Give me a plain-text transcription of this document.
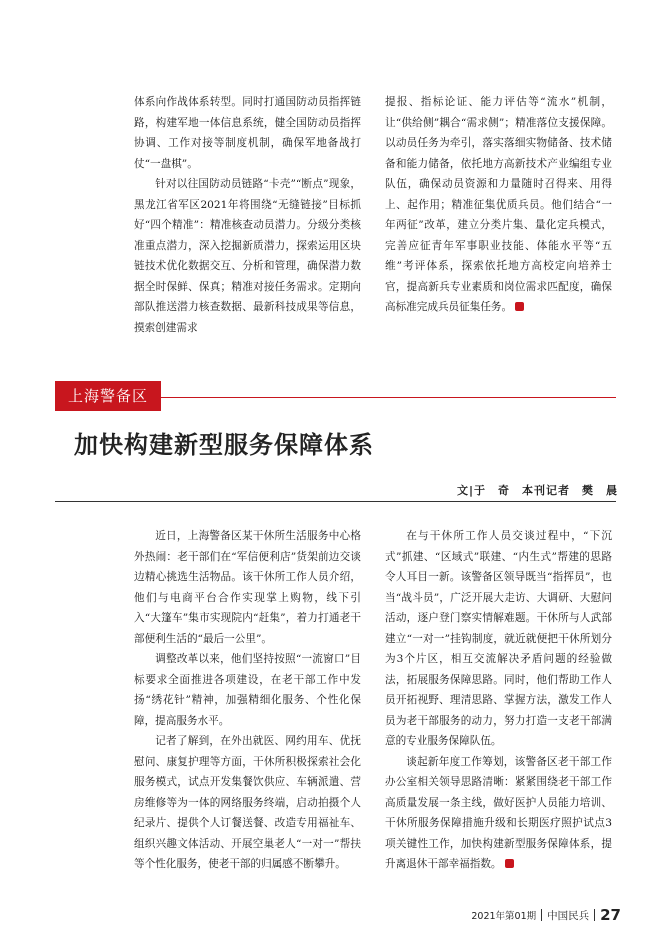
体系向作战体系转型。同时打通国防动员指挥链路，构建军地一体信息系统，健全国防动员指挥协调、工作对接等制度机制，确保军地备战打仗“一盘棋”。

针对以往国防动员链路“卡壳”“断点”现象，黑龙江省军区2021年将围绕“无缝链接”目标抓好“四个精准”：精准核查动员潜力。分级分类核准重点潜力，深入挖掘新质潜力，探索运用区块链技术优化数据交互、分析和管理，确保潜力数据全时保鲜、保真；精准对接任务需求。定期向部队推送潜力核查数据、最新科技成果等信息，摸索创建需求

提报、指标论证、能力评估等“流水”机制，让“供给侧”耦合“需求侧”；精准落位支援保障。以动员任务为牵引，落实落细实物储备、技术储备和能力储备，依托地方高新技术产业编组专业队伍，确保动员资源和力量随时召得来、用得上、起作用；精准征集优质兵员。他们结合“一年两征”改革，建立分类片集、量化定兵模式，完善应征青年军事职业技能、体能水平等“五维”考评体系，探索依托地方高校定向培养士官，提高新兵专业素质和岗位需求匹配度，确保高标准完成兵员征集任务。

上海警备区
加快构建新型服务保障体系
文|于　奇　本刊记者　樊　晨

近日，上海警备区某干休所生活服务中心格外热闹：老干部们在“军信便利店”货架前边交谈边精心挑选生活物品。该干休所工作人员介绍，他们与电商平台合作实现掌上购物，线下引入“大篷车”集市实现院内“赶集”，着力打通老干部便利生活的“最后一公里”。

调整改革以来，他们坚持按照“一流窗口”目标要求全面推进各项建设，在老干部工作中发扬“绣花针”精神，加强精细化服务、个性化保障，提高服务水平。

记者了解到，在外出就医、网约用车、优抚慰问、康复护理等方面，干休所积极探索社会化服务模式，试点开发集餐饮供应、车辆派遣、营房维修等为一体的网络服务终端，启动拍摄个人纪录片、提供个人订餐送餐、改造专用福祉车、组织兴趣文体活动、开展空巢老人“一对一”帮扶等个性化服务，使老干部的归属感不断攀升。

在与干休所工作人员交谈过程中，“下沉式”抓建、“区域式”联建、“内生式”帮建的思路令人耳目一新。该警备区领导既当“指挥员”，也当“战斗员”，广泛开展大走访、大调研、大慰问活动，逐户登门察实情解难题。干休所与人武部建立“一对一”挂钩制度，就近就便把干休所划分为3个片区，相互交流解决矛盾问题的经验做法，拓展服务保障思路。同时，他们帮助工作人员开拓视野、理清思路、掌握方法，激发工作人员为老干部服务的动力，努力打造一支老干部满意的专业服务保障队伍。

谈起新年度工作筹划，该警备区老干部工作办公室相关领导思路清晰：紧紧围绕老干部工作高质量发展一条主线，做好医护人员能力培训、干休所服务保障措施升级和长期医疗照护试点3项关键性工作，加快构建新型服务保障体系，提升离退休干部幸福指数。

2021年第01期 中国民兵 27
